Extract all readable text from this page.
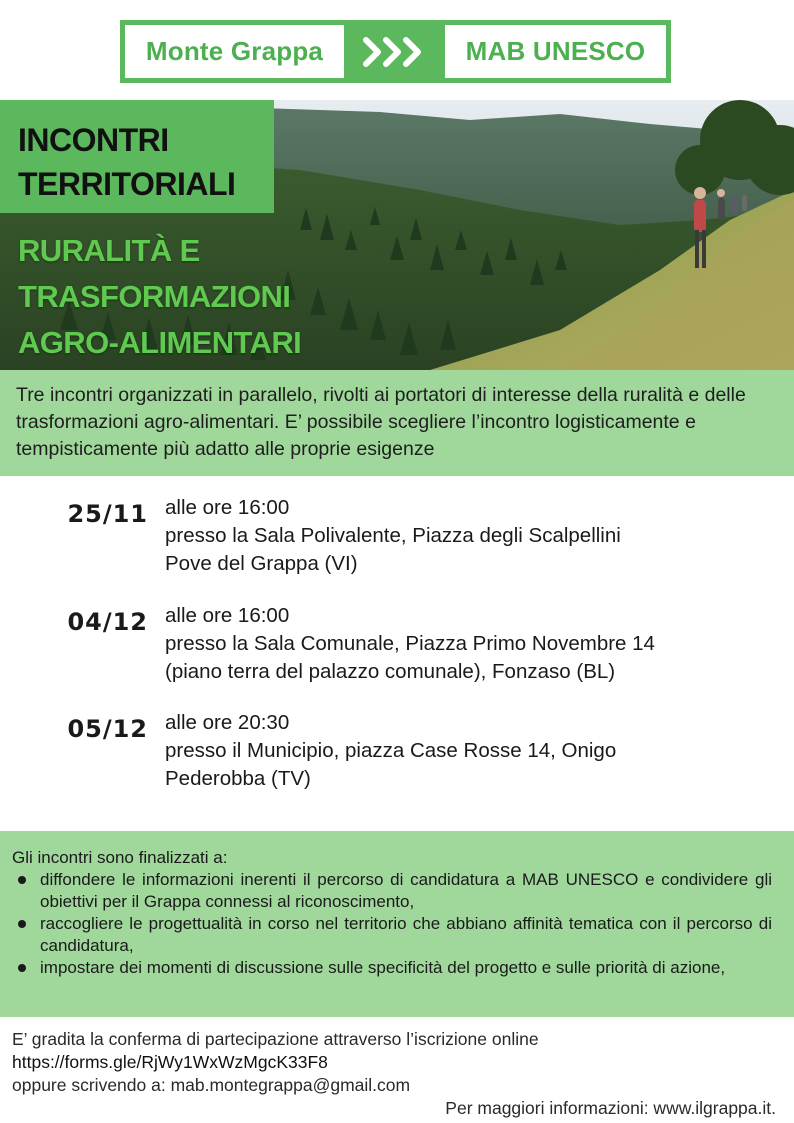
Monte Grappa	MAB UNESCO
INCONTRI
TERRITORIALI
RURALITÀ E
TRASFORMAZIONI
AGRO-ALIMENTARI
Tre incontri organizzati in parallelo, rivolti ai portatori di interesse della ruralità e delle trasformazioni agro-alimentari. E’ possibile scegliere l’incontro logisticamente e tempisticamente più adatto alle proprie esigenze
25/11 alle ore 16:00
presso la Sala Polivalente, Piazza degli Scalpellini
Pove del Grappa (VI)
04/12 alle ore 16:00
presso la Sala Comunale, Piazza Primo Novembre 14
(piano terra del palazzo comunale), Fonzaso (BL)
05/12 alle ore 20:30
presso il Municipio, piazza Case Rosse 14, Onigo
Pederobba (TV)
Gli incontri sono finalizzati a:
diffondere le informazioni inerenti il percorso di candidatura a MAB UNESCO e condividere gli obiettivi per il Grappa connessi al riconoscimento,
raccogliere le progettualità in corso nel territorio che abbiano affinità tematica con il percorso di candidatura,
impostare dei momenti di discussione sulle specificità del progetto e sulle priorità di azione,
E’ gradita la conferma di partecipazione attraverso l’iscrizione online
https://forms.gle/RjWy1WxWzMgcK33F8
oppure scrivendo a: mab.montegrappa@gmail.com
Per maggiori informazioni: www.ilgrappa.it.
